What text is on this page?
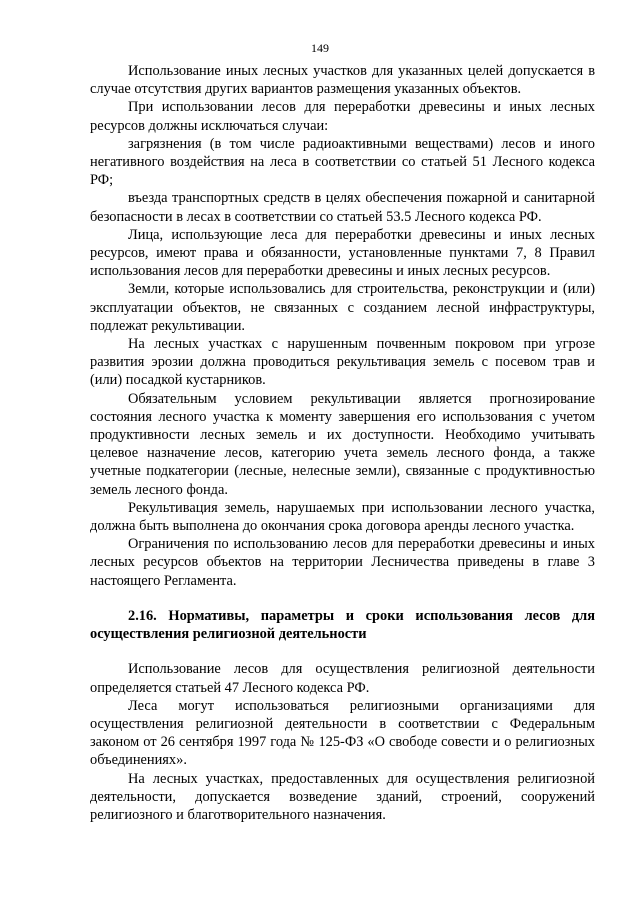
149

Использование иных лесных участков для указанных целей допускается в случае отсутствия других вариантов размещения указанных объектов.

При использовании лесов для переработки древесины и иных лесных ресурсов должны исключаться случаи:

загрязнения (в том числе радиоактивными веществами) лесов и иного негативного воздействия на леса в соответствии со статьей 51 Лесного кодекса РФ;

въезда транспортных средств в целях обеспечения пожарной и санитарной безопасности в лесах в соответствии со статьей 53.5 Лесного кодекса РФ.

Лица, использующие леса для переработки древесины и иных лесных ресурсов, имеют права и обязанности, установленные пунктами 7, 8 Правил использования лесов для переработки древесины и иных лесных ресурсов.

Земли, которые использовались для строительства, реконструкции и (или) эксплуатации объектов, не связанных с созданием лесной инфраструктуры, подлежат рекультивации.

На лесных участках с нарушенным почвенным покровом при угрозе развития эрозии должна проводиться рекультивация земель с посевом трав и (или) посадкой кустарников.

Обязательным условием рекультивации является прогнозирование состояния лесного участка к моменту завершения его использования с учетом продуктивности лесных земель и их доступности. Необходимо учитывать целевое назначение лесов, категорию учета земель лесного фонда, а также учетные подкатегории (лесные, нелесные земли), связанные с продуктивностью земель лесного фонда.

Рекультивация земель, нарушаемых при использовании лесного участка, должна быть выполнена до окончания срока договора аренды лесного участка.

Ограничения по использованию лесов для переработки древесины и иных лесных ресурсов объектов на территории Лесничества приведены в главе 3 настоящего Регламента.

2.16. Нормативы, параметры и сроки использования лесов для осуществления религиозной деятельности

Использование лесов для осуществления религиозной деятельности определяется статьей 47 Лесного кодекса РФ.

Леса могут использоваться религиозными организациями для осуществления религиозной деятельности в соответствии с Федеральным законом от 26 сентября 1997 года № 125-ФЗ «О свободе совести и о религиозных объединениях».

На лесных участках, предоставленных для осуществления религиозной деятельности, допускается возведение зданий, строений, сооружений религиозного и благотворительного назначения.
